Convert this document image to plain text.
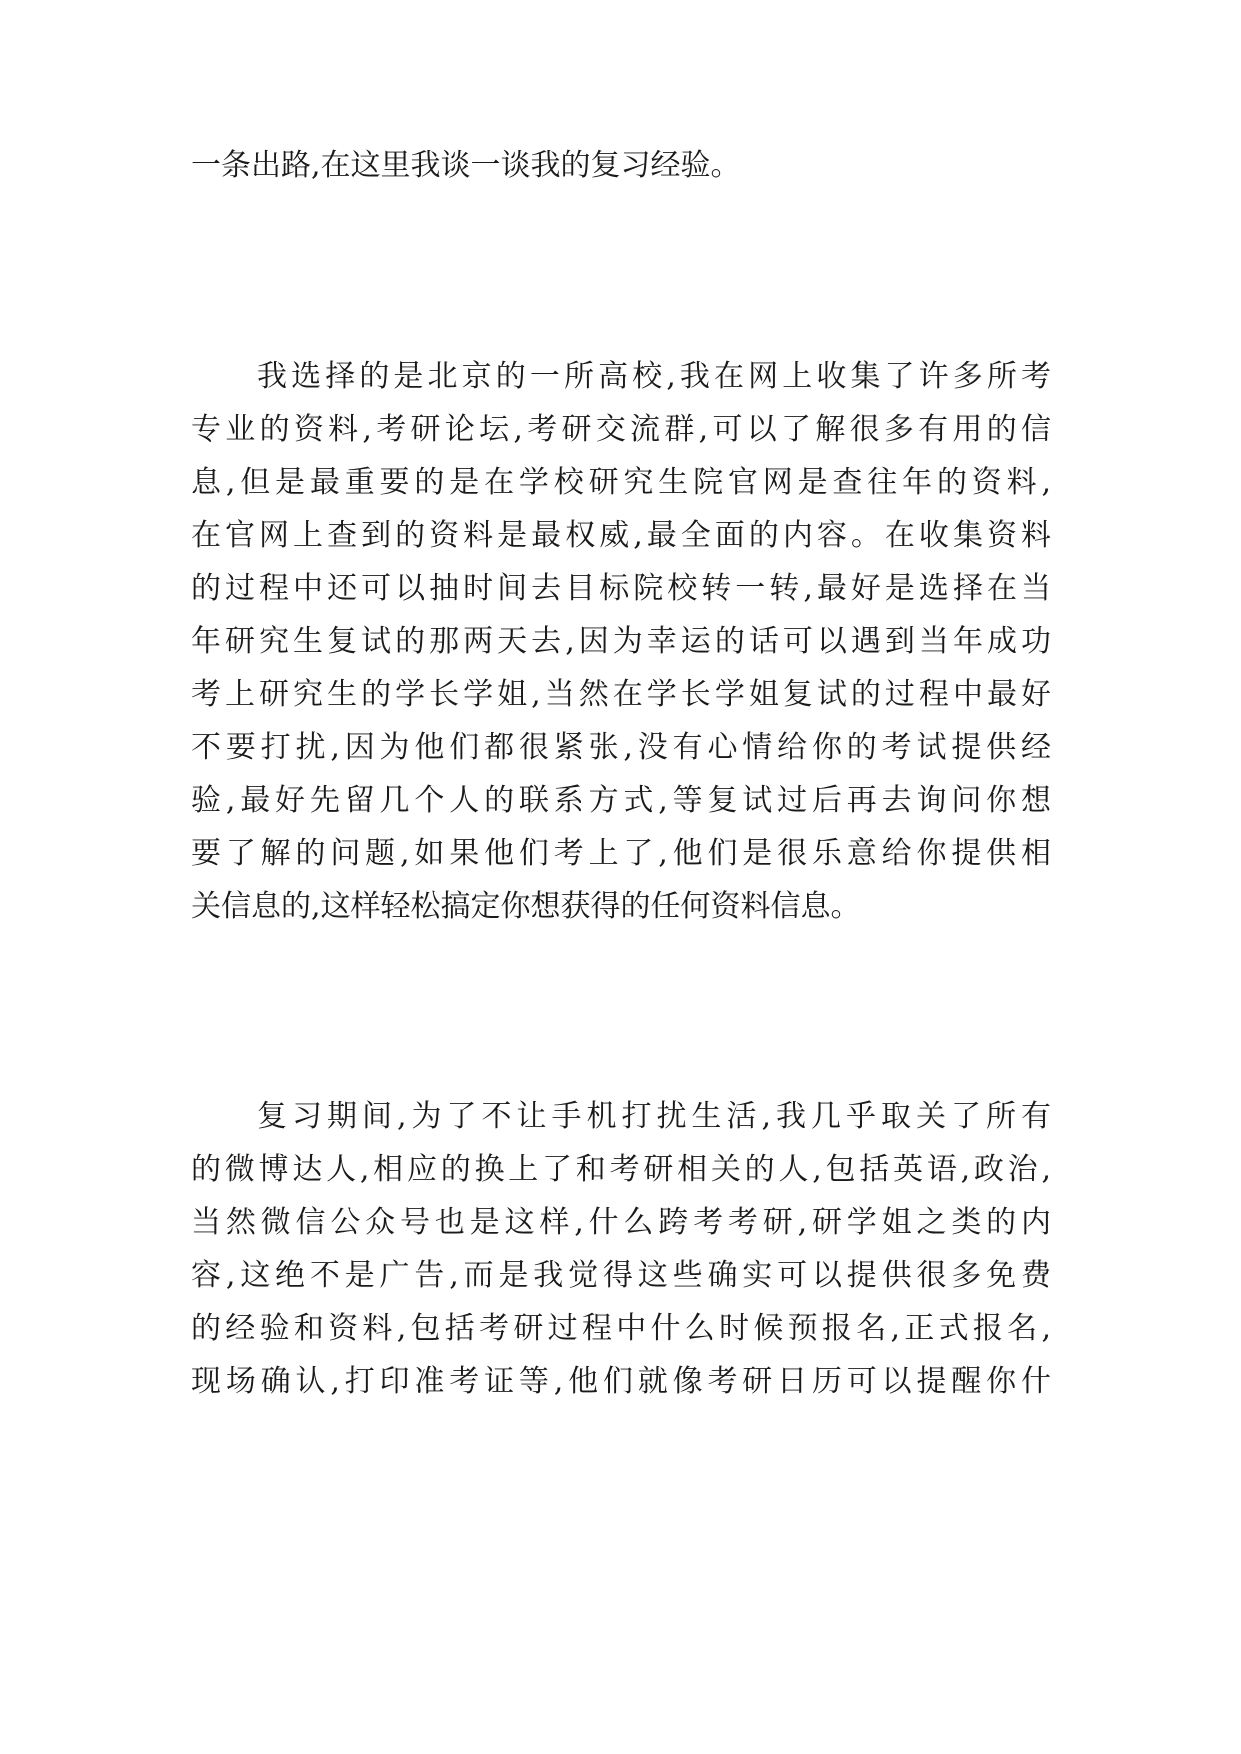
一条出路,在这里我谈一谈我的复习经验。
我选择的是北京的一所高校,我在网上收集了许多所考
专业的资料,考研论坛,考研交流群,可以了解很多有用的信
息,但是最重要的是在学校研究生院官网是查往年的资料,
在官网上查到的资料是最权威,最全面的内容。在收集资料
的过程中还可以抽时间去目标院校转一转,最好是选择在当
年研究生复试的那两天去,因为幸运的话可以遇到当年成功
考上研究生的学长学姐,当然在学长学姐复试的过程中最好
不要打扰,因为他们都很紧张,没有心情给你的考试提供经
验,最好先留几个人的联系方式,等复试过后再去询问你想
要了解的问题,如果他们考上了,他们是很乐意给你提供相
关信息的,这样轻松搞定你想获得的任何资料信息。
复习期间,为了不让手机打扰生活,我几乎取关了所有
的微博达人,相应的换上了和考研相关的人,包括英语,政治,
当然微信公众号也是这样,什么跨考考研,研学姐之类的内
容,这绝不是广告,而是我觉得这些确实可以提供很多免费
的经验和资料,包括考研过程中什么时候预报名,正式报名,
现场确认,打印准考证等,他们就像考研日历可以提醒你什
